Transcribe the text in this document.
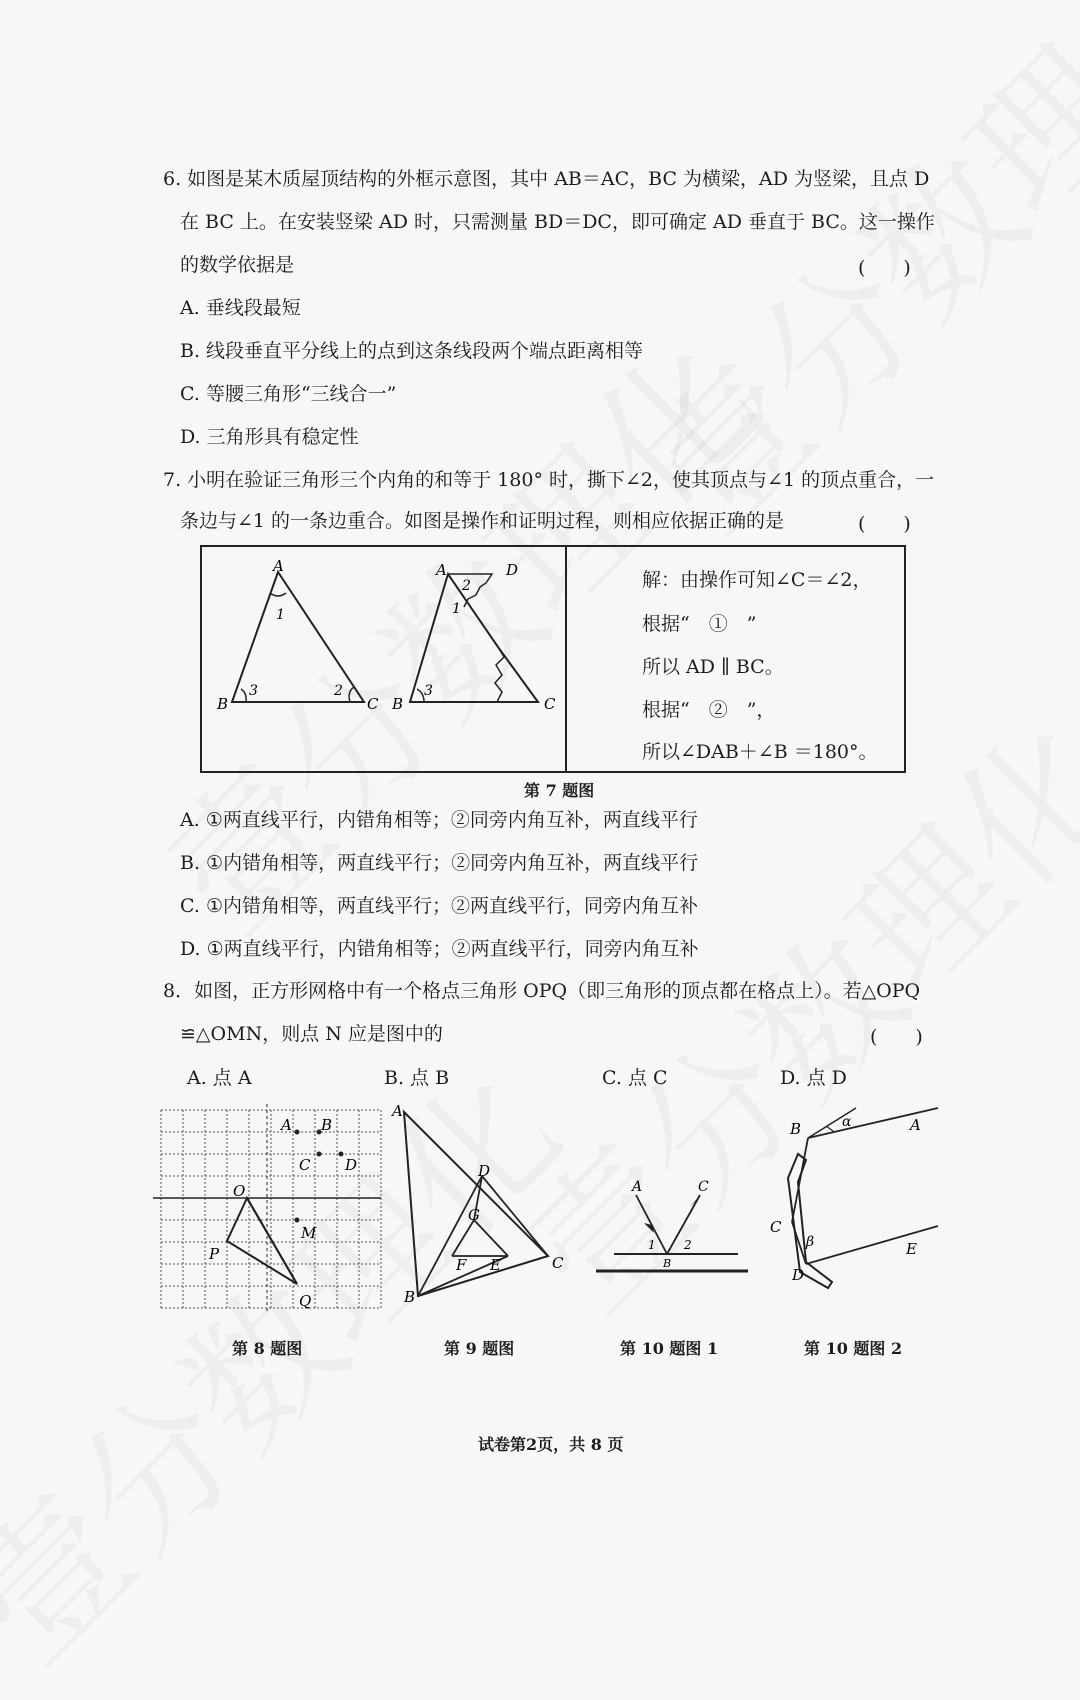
6. 如图是某木质屋顶结构的外框示意图，其中 AB＝AC，BC 为横梁，AD 为竖梁，且点 D
在 BC 上。在安装竖梁 AD 时，只需测量 BD＝DC，即可确定 AD 垂直于 BC。这一操作
的数学依据是	(　　)
A. 垂线段最短
B. 线段垂直平分线上的点到这条线段两个端点距离相等
C. 等腰三角形“三线合一”
D. 三角形具有稳定性
7. 小明在验证三角形三个内角的和等于 180° 时，撕下∠2，使其顶点与∠1 的顶点重合，一
条边与∠1 的一条边重合。如图是操作和证明过程，则相应依据正确的是	(　　)
A
B	C
1
3	2
A	D
B	C
2
1
3
解：由操作可知∠C＝∠2，
根据“　①　”
所以 AD ∥ BC。
根据“　②　”，
所以∠DAB＋∠B ＝180°。
第 7 题图
A. ①两直线平行，内错角相等；②同旁内角互补，两直线平行
B. ①内错角相等，两直线平行；②同旁内角互补，两直线平行
C. ①内错角相等，两直线平行；②两直线平行，同旁内角互补
D. ①两直线平行，内错角相等；②两直线平行，同旁内角互补
8．如图，正方形网格中有一个格点三角形 OPQ（即三角形的顶点都在格点上）。若△OPQ
≌△OMN，则点 N 应是图中的	(　　)
A. 点 A	B. 点 B	C. 点 C	D. 点 D
O
P
Q
M
A B
C D
第 8 题图
A
B
C
D
E
F
G
第 9 题图
A	C
B
1 2
第 10 题图 1
B	A
α
C
β
D
E
第 10 题图 2
试卷第2页，共 8 页
